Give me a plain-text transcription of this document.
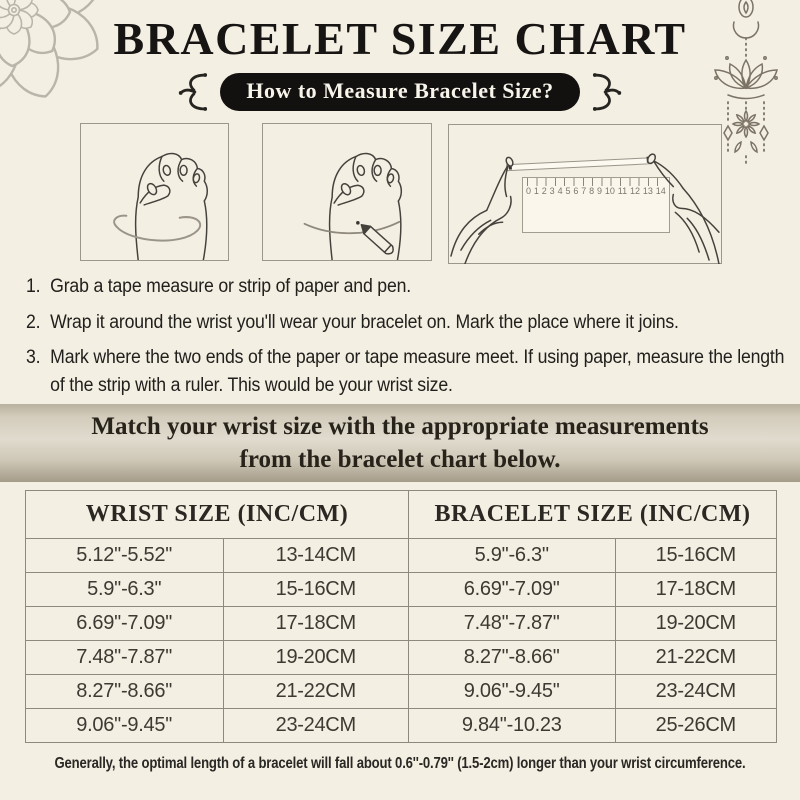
BRACELET SIZE CHART
How to Measure Bracelet Size?
0 1 2 3 4 5 6 7 8 9 10 11 12 13 14
1. Grab a tape measure or strip of paper and pen.
2. Wrap it around the wrist you'll wear your bracelet on. Mark the place where it joins.
3. Mark where the two ends of the paper or tape measure meet. If using paper, measure the length of the strip with a ruler. This would be your wrist size.
Match your wrist size with the appropriate measurements
from the bracelet chart below.
WRIST SIZE (INC/CM)		BRACELET SIZE (INC/CM)	
5.12''-5.52''	13-14CM	5.9''-6.3''	15-16CM
5.9''-6.3''	15-16CM	6.69''-7.09''	17-18CM
6.69''-7.09''	17-18CM	7.48''-7.87''	19-20CM
7.48''-7.87''	19-20CM	8.27''-8.66''	21-22CM
8.27''-8.66''	21-22CM	9.06''-9.45''	23-24CM
9.06''-9.45''	23-24CM	9.84''-10.23	25-26CM
Generally, the optimal length of a bracelet will fall about 0.6''-0.79'' (1.5-2cm) longer than your wrist circumference.
